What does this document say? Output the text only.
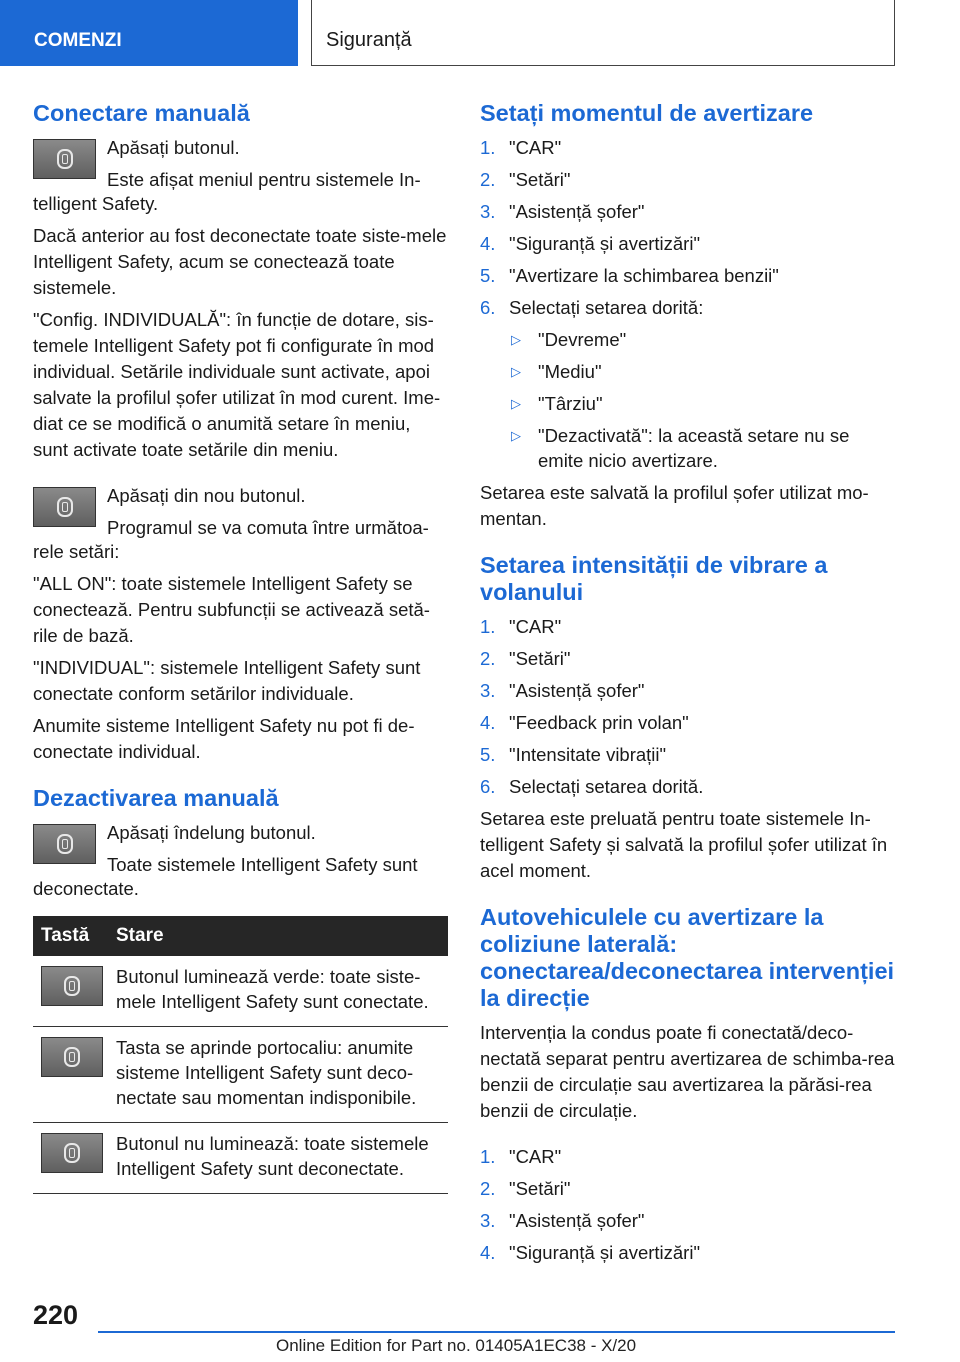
COMENZI	Siguranță
Conectare manuală

Apăsați butonul.

Este afișat meniul pentru sistemele In-

telligent Safety.

Dacă anterior au fost deconectate toate siste-mele Intelligent Safety, acum se conectează toate sistemele.

"Config. INDIVIDUALĂ": în funcție de dotare, sis-temele Intelligent Safety pot fi configurate în mod individual. Setările individuale sunt activate, apoi salvate la profilul șofer utilizat în mod curent. Ime-diat ce se modifică o anumită setare în meniu, sunt activate toate setările din meniu.

Apăsați din nou butonul.

Programul se va comuta între următoa-

rele setări:

"ALL ON": toate sistemele Intelligent Safety se conectează. Pentru subfuncții se activează setă-rile de bază.

"INDIVIDUAL": sistemele Intelligent Safety sunt conectate conform setărilor individuale.

Anumite sisteme Intelligent Safety nu pot fi de-conectate individual.

Dezactivarea manuală

Apăsați îndelung butonul.

Toate sistemele Intelligent Safety sunt

deconectate.

Tastă	Stare

	Butonul luminează verde: toate siste-mele Intelligent Safety sunt conectate.

	Tasta se aprinde portocaliu: anumite sisteme Intelligent Safety sunt deco-nectate sau momentan indisponibile.

	Butonul nu luminează: toate sistemele Intelligent Safety sunt deconectate.
Setați momentul de avertizare
1. "CAR"
2. "Setări"
3. "Asistență șofer"
4. "Siguranță și avertizări"
5. "Avertizare la schimbarea benzii"
6. Selectați setarea dorită:
▷ "Devreme"
▷ "Mediu"
▷ "Târziu"
▷ "Dezactivată": la această setare nu se emite nicio avertizare.

Setarea este salvată la profilul șofer utilizat mo-mentan.

Setarea intensității de vibrare a volanului
1. "CAR"
2. "Setări"
3. "Asistență șofer"
4. "Feedback prin volan"
5. "Intensitate vibrații"
6. Selectați setarea dorită.

Setarea este preluată pentru toate sistemele In-telligent Safety și salvată la profilul șofer utilizat în acel moment.

Autovehiculele cu avertizare la coliziune laterală: conectarea/deconectarea intervenției la direcție

Intervenția la condus poate fi conectată/deco-nectată separat pentru avertizarea de schimba-rea benzii de circulație sau avertizarea la părăsi-rea benzii de circulație.

1. "CAR"
2. "Setări"
3. "Asistență șofer"
4. "Siguranță și avertizări"
220
Online Edition for Part no. 01405A1EC38 - X/20
